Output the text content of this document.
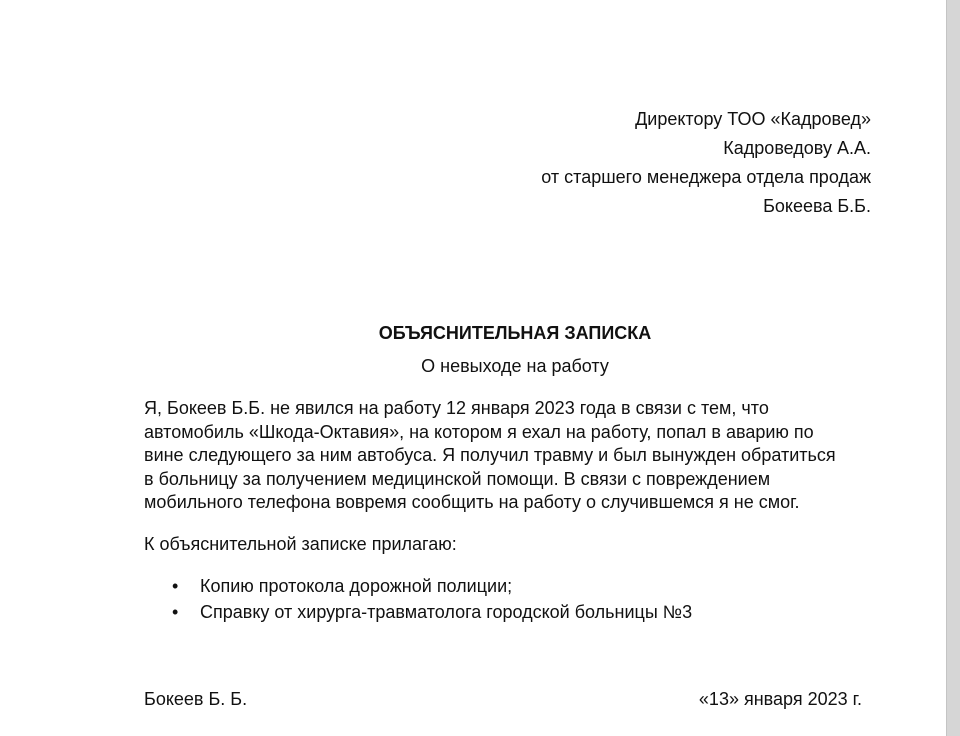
Директору ТОО «Кадровед»
Кадроведову А.А.
от старшего менеджера отдела продаж
Бокеева Б.Б.
ОБЪЯСНИТЕЛЬНАЯ ЗАПИСКА
О невыходе на работу
Я, Бокеев Б.Б. не явился на работу 12 января 2023 года в связи с тем, что
автомобиль «Шкода-Октавия», на котором я ехал на работу, попал в аварию по
вине следующего за ним автобуса. Я получил травму и был вынужден обратиться
в больницу за получением медицинской помощи. В связи с повреждением
мобильного телефона вовремя сообщить на работу о случившемся я не смог.
К объяснительной записке прилагаю:
• Копию протокола дорожной полиции;
• Справку от хирурга-травматолога городской больницы №3
Бокеев Б. Б.	«13» января 2023 г.
